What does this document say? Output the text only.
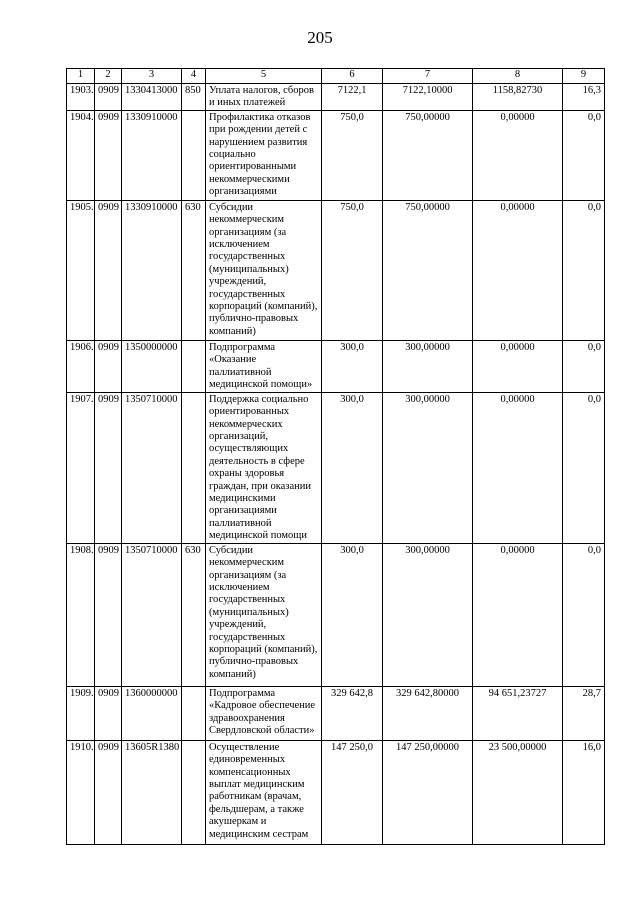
205
1	2	3	4	5	6	7	8	9
1903.	0909	1330413000	850	Уплата налогов, сборов и иных платежей	7122,1	7122,10000	1158,82730	16,3
1904.	0909	1330910000		Профилактика отказов при рождении детей с нарушением развития социально ориентированными некоммерческими организациями	750,0	750,00000	0,00000	0,0
1905.	0909	1330910000	630	Субсидии некоммерческим организациям (за исключением государственных (муниципальных) учреждений, государственных корпораций (компаний), публично-правовых компаний)	750,0	750,00000	0,00000	0,0
1906.	0909	1350000000		Подпрограмма «Оказание паллиативной медицинской помощи»	300,0	300,00000	0,00000	0,0
1907.	0909	1350710000		Поддержка социально ориентированных некоммерческих организаций, осуществляющих деятельность в сфере охраны здоровья граждан, при оказании медицинскими организациями паллиативной медицинской помощи	300,0	300,00000	0,00000	0,0
1908.	0909	1350710000	630	Субсидии некоммерческим организациям (за исключением государственных (муниципальных) учреждений, государственных корпораций (компаний), публично-правовых компаний)	300,0	300,00000	0,00000	0,0
1909.	0909	1360000000		Подпрограмма «Кадровое обеспечение здравоохранения Свердловской области»	329 642,8	329 642,80000	94 651,23727	28,7
1910.	0909	13605R1380		Осуществление единовременных компенсационных выплат медицинским работникам (врачам, фельдшерам, а также акушеркам и медицинским сестрам	147 250,0	147 250,00000	23 500,00000	16,0
